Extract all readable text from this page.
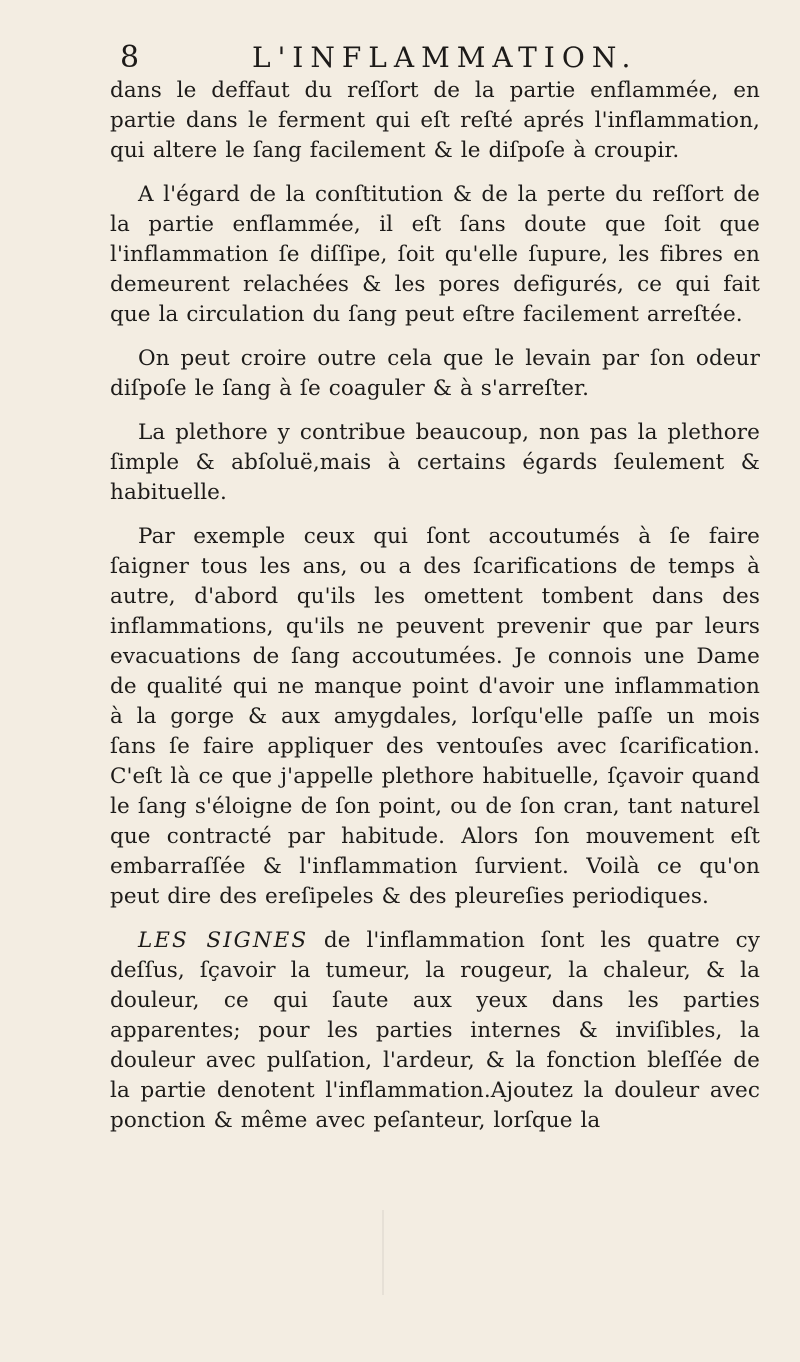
8	L'INFLAMMATION.

dans le deffaut du reſſort de la partie enflammée, en partie dans le ferment qui eſt reſté aprés l'inflammation, qui altere le ſang facilement & le diſpoſe à croupir.

A l'égard de la conſtitution & de la perte du reſſort de la partie enflammée, il eſt ſans doute que ſoit que l'inflammation ſe diſſipe, ſoit qu'elle ſupure, les fibres en demeurent relachées & les pores defigurés, ce qui fait que la circulation du ſang peut eſtre facilement arreſtée.

On peut croire outre cela que le levain par ſon odeur diſpoſe le ſang à ſe coaguler & à s'arreſter.

La plethore y contribue beaucoup, non pas la plethore ſimple & abſoluë,mais à certains égards ſeulement & habituelle.

Par exemple ceux qui ſont accoutumés à ſe faire ſaigner tous les ans, ou a des ſcarifications de temps à autre, d'abord qu'ils les omettent tombent dans des inflammations, qu'ils ne peuvent prevenir que par leurs evacuations de ſang accoutumées. Je connois une Dame de qualité qui ne manque point d'avoir une inflammation à la gorge & aux amygdales, lorſqu'elle paſſe un mois ſans ſe faire appliquer des ventouſes avec ſcarification. C'eſt là ce que j'appelle plethore habituelle, ſçavoir quand le ſang s'éloigne de ſon point, ou de ſon cran, tant naturel que contracté par habitude. Alors ſon mouvement eſt embarraſſée & l'inflammation ſurvient. Voilà ce qu'on peut dire des ereſipeles & des pleureſies periodiques.

LES SIGNES de l'inflammation ſont les quatre cy deſſus, ſçavoir la tumeur, la rougeur, la chaleur, & la douleur, ce qui ſaute aux yeux dans les parties apparentes; pour les parties internes & inviſibles, la douleur avec pulſation, l'ardeur, & la fonction bleſſée de la partie denotent l'inflammation.Ajoutez la douleur avec ponction & même avec peſanteur, lorſque la
